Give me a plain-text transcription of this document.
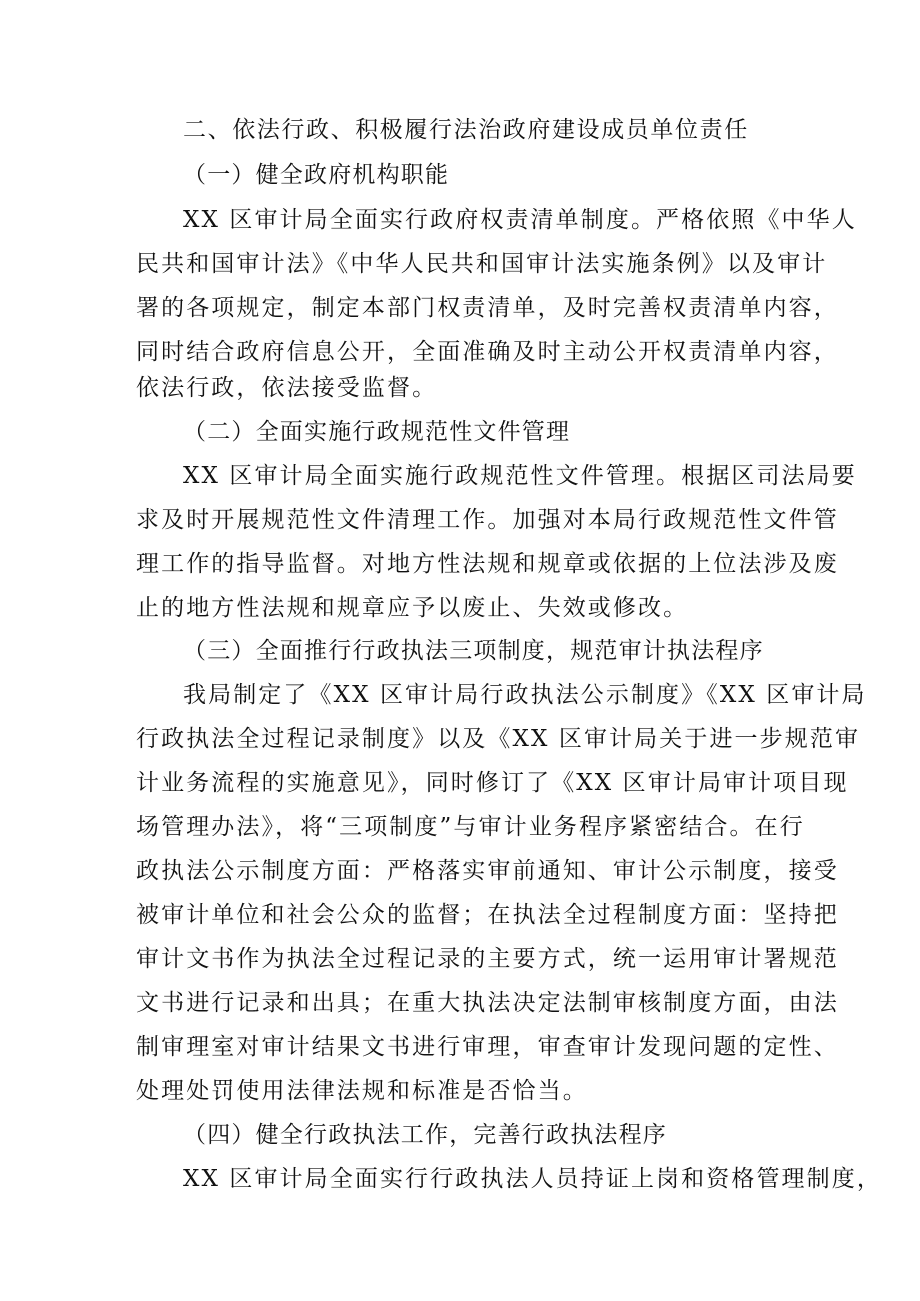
二、依法行政、积极履行法治政府建设成员单位责任
（一）健全政府机构职能
XX 区审计局全面实行政府权责清单制度。严格依照《中华人
民共和国审计法》《中华人民共和国审计法实施条例》以及审计
署的各项规定，制定本部门权责清单，及时完善权责清单内容，
同时结合政府信息公开，全面准确及时主动公开权责清单内容，
依法行政，依法接受监督。
（二）全面实施行政规范性文件管理
XX 区审计局全面实施行政规范性文件管理。根据区司法局要
求及时开展规范性文件清理工作。加强对本局行政规范性文件管
理工作的指导监督。对地方性法规和规章或依据的上位法涉及废
止的地方性法规和规章应予以废止、失效或修改。
（三）全面推行行政执法三项制度，规范审计执法程序
我局制定了《XX 区审计局行政执法公示制度》《XX 区审计局
行政执法全过程记录制度》以及《XX 区审计局关于进一步规范审
计业务流程的实施意见》，同时修订了《XX 区审计局审计项目现
场管理办法》，将“三项制度”与审计业务程序紧密结合。在行
政执法公示制度方面：严格落实审前通知、审计公示制度，接受
被审计单位和社会公众的监督；在执法全过程制度方面：坚持把
审计文书作为执法全过程记录的主要方式，统一运用审计署规范
文书进行记录和出具；在重大执法决定法制审核制度方面，由法
制审理室对审计结果文书进行审理，审查审计发现问题的定性、
处理处罚使用法律法规和标准是否恰当。
（四）健全行政执法工作，完善行政执法程序
XX 区审计局全面实行行政执法人员持证上岗和资格管理制度，
